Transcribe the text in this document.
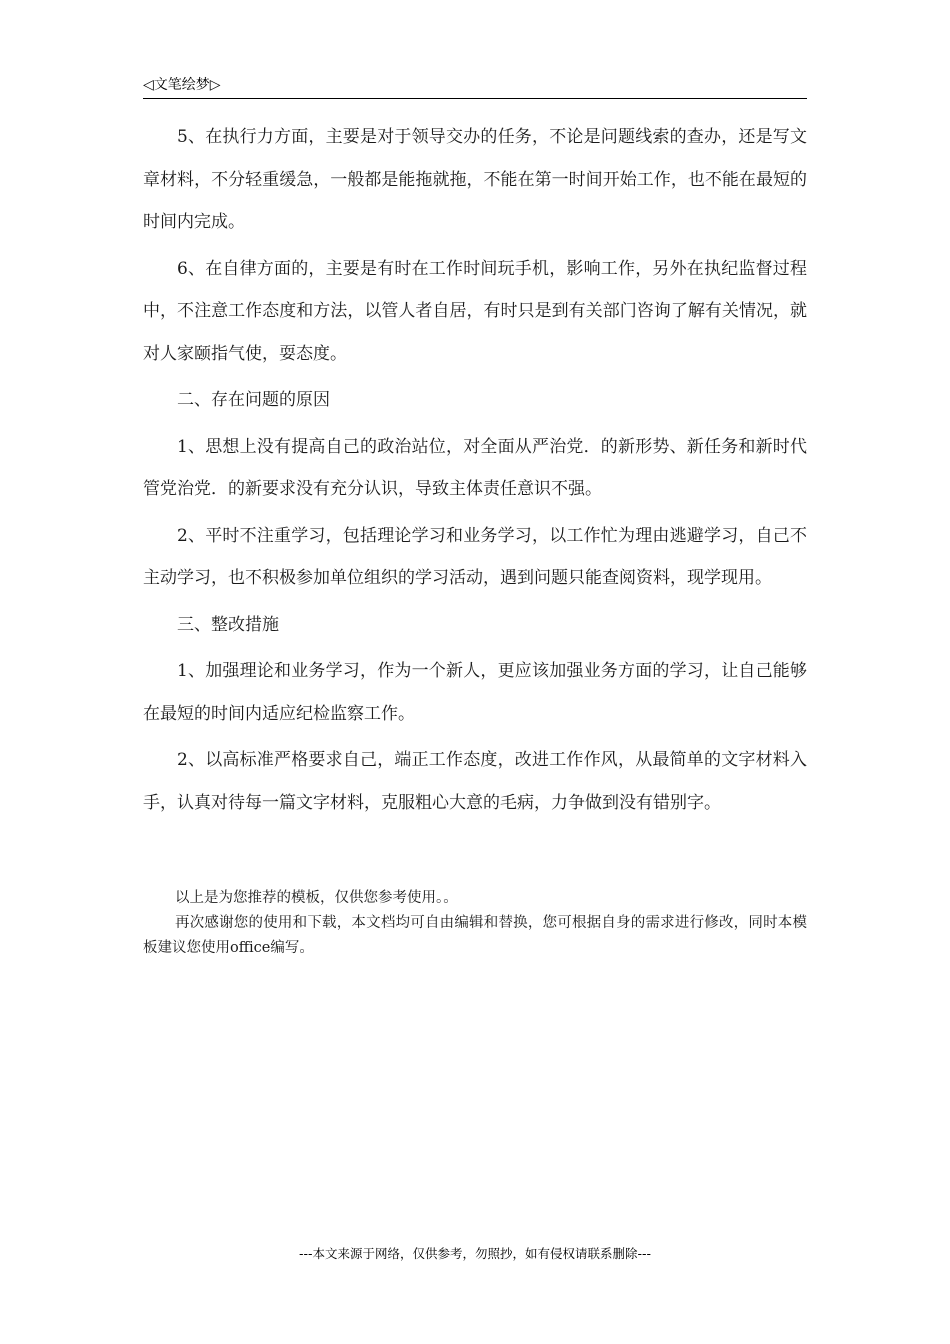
◁文笔绘梦▷

5、在执行力方面，主要是对于领导交办的任务，不论是问题线索的查办，还是写文章材料，不分轻重缓急，一般都是能拖就拖，不能在第一时间开始工作，也不能在最短的时间内完成。

6、在自律方面的，主要是有时在工作时间玩手机，影响工作，另外在执纪监督过程中，不注意工作态度和方法，以管人者自居，有时只是到有关部门咨询了解有关情况，就对人家颐指气使，耍态度。

二、存在问题的原因

1、思想上没有提高自己的政治站位，对全面从严治党．的新形势、新任务和新时代管党治党．的新要求没有充分认识，导致主体责任意识不强。

2、平时不注重学习，包括理论学习和业务学习，以工作忙为理由逃避学习，自己不主动学习，也不积极参加单位组织的学习活动，遇到问题只能查阅资料，现学现用。

三、整改措施

1、加强理论和业务学习，作为一个新人，更应该加强业务方面的学习，让自己能够在最短的时间内适应纪检监察工作。

2、以高标准严格要求自己，端正工作态度，改进工作作风，从最简单的文字材料入手，认真对待每一篇文字材料，克服粗心大意的毛病，力争做到没有错别字。

以上是为您推荐的模板，仅供您参考使用。。

再次感谢您的使用和下载，本文档均可自由编辑和替换，您可根据自身的需求进行修改，同时本模板建议您使用office编写。

---本文来源于网络，仅供参考，勿照抄，如有侵权请联系删除---
